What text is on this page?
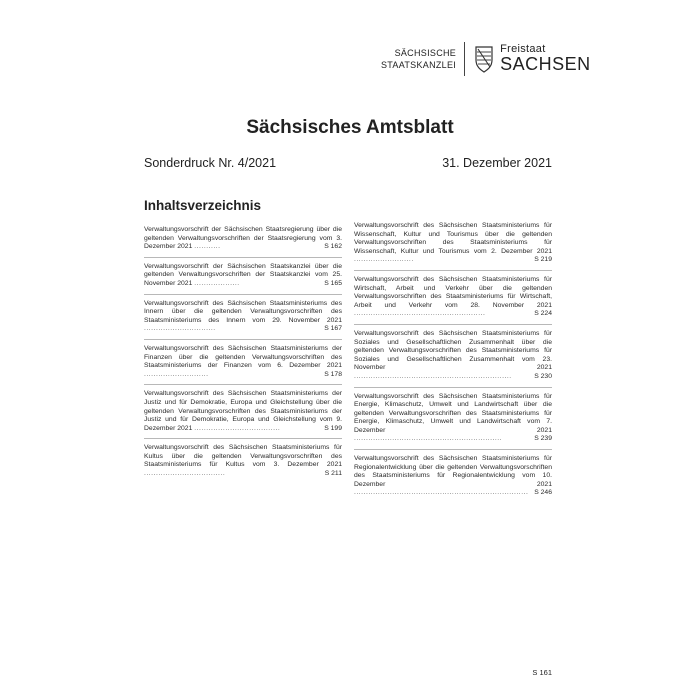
SÄCHSISCHE
STAATSKANZLEI
Freistaat
SACHSEN
Sächsisches Amtsblatt
Sonderdruck Nr. 4/2021	31. Dezember 2021
Inhaltsverzeichnis
Verwaltungsvorschrift der Sächsischen Staatsregierung über die geltenden Verwaltungsvorschriften der Staatsregierung vom 3. Dezember 2021 ...........	S 162
Verwaltungsvorschrift der Sächsischen Staatskanzlei über die geltenden Verwaltungsvorschriften der Staatskanzlei vom 25. November 2021 ...................	S 165
Verwaltungsvorschrift des Sächsischen Staatsministeriums des Innern über die geltenden Verwaltungsvorschriften des Staatsministeriums des Innern vom 29. November 2021 ..............................	S 167
Verwaltungsvorschrift des Sächsischen Staatsministeriums der Finanzen über die geltenden Verwaltungsvorschriften des Staatsministeriums der Finanzen vom 6. Dezember 2021 ...........................	S 178
Verwaltungsvorschrift des Sächsischen Staatsministeriums der Justiz und für Demokratie, Europa und Gleichstellung über die geltenden Verwaltungsvorschriften des Staatsministeriums der Justiz und für Demokratie, Europa und Gleichstellung vom 9. Dezember 2021 ....................................	S 199
Verwaltungsvorschrift des Sächsischen Staatsministeriums für Kultus über die geltenden Verwaltungsvorschriften des Staatsministeriums für Kultus vom 3. Dezember 2021 ..................................	S 211
Verwaltungsvorschrift des Sächsischen Staatsministeriums für Wissenschaft, Kultur und Tourismus über die geltenden Verwaltungsvorschriften des Staatsministeriums für Wissenschaft, Kultur und Tourismus vom 2. Dezember 2021 .........................	S 219
Verwaltungsvorschrift des Sächsischen Staatsministeriums für Wirtschaft, Arbeit und Verkehr über die geltenden Verwaltungsvorschriften des Staatsministeriums für Wirtschaft, Arbeit und Verkehr vom 28. November 2021 .......................................................	S 224
Verwaltungsvorschrift des Sächsischen Staatsministeriums für Soziales und Gesellschaftlichen Zusammenhalt über die geltenden Verwaltungsvorschriften des Staatsministeriums für Soziales und Gesellschaftlichen Zusammenhalt vom 23. November 2021 ..................................................................	S 230
Verwaltungsvorschrift des Sächsischen Staatsministeriums für Energie, Klimaschutz, Umwelt und Landwirtschaft über die geltenden Verwaltungsvorschriften des Staatsministeriums für Energie, Klimaschutz, Umwelt und Landwirtschaft vom 7. Dezember 2021 ..............................................................	S 239
Verwaltungsvorschrift des Sächsischen Staatsministeriums für Regionalentwicklung über die geltenden Verwaltungsvorschriften des Staatsministeriums für Regionalentwicklung vom 10. Dezember 2021 ......................................................................... S 246
S 161
